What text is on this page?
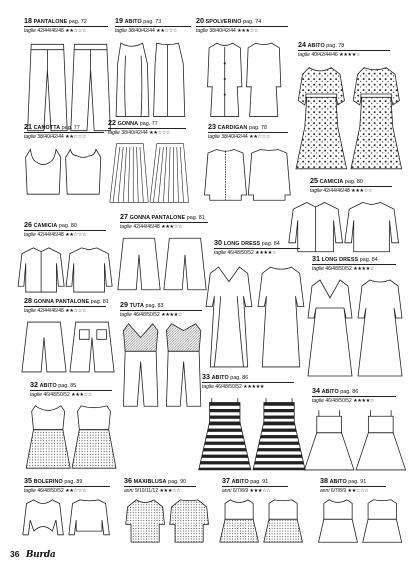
18 PANTALONE pag. 72
taglie 42/44/46/48 ★★☆☆☆
19 ABITO pag. 73
taglie 38/40/42/44 ★★☆☆☆
20 SPOLVERINO pag. 74
taglie 38/40/42/44 ★★★☆☆
24 ABITO pag. 78
taglie 40/42/44/46 ★★★★☆
21 CANOTTA pag. 77
taglie 38/40/42/44 ★★☆☆☆
22 GONNA pag. 77
taglie 38/40/42/44 ★★☆☆☆
23 CARDIGAN pag. 78
taglie 38/40/42/44 ★★☆☆☆
25 CAMICIA pag. 80
taglie 42/44/46/48 ★★★☆☆
26 CAMICIA pag. 80
taglie 42/44/46/48 ★★☆☆☆
27 GONNA PANTALONE pag. 81
taglie 42/44/46/48 ★★★☆☆
30 LONG DRESS pag. 84
taglie 46/48/50/52 ★★★★☆
31 LONG DRESS pag. 84
taglie 46/48/50/52 ★★★★☆
28 GONNA PANTALONE pag. 81
taglie 42/44/46/48 ★★☆☆☆
29 TUTA pag. 83
taglie 46/48/50/52 ★★★★☆
32 ABITO pag. 85
taglie 46/48/50/52 ★★★☆☆
33 ABITO pag. 86
taglie 46/48/50/52 ★★★★★	34 ABITO pag. 86
taglie 46/48/50/52 ★★★★☆
35 BOLERINO pag. 89
taglie 46/48/50/52 ★★☆☆☆
36 MAXIBLUSA pag. 90
anni 9/10/11/12 ★★★☆☆
37 ABITO pag. 91
anni 6/7/8/9 ★★★☆☆
38 ABITO pag. 91
anni 6/7/8/9 ★★☆☆☆
36 Burda
